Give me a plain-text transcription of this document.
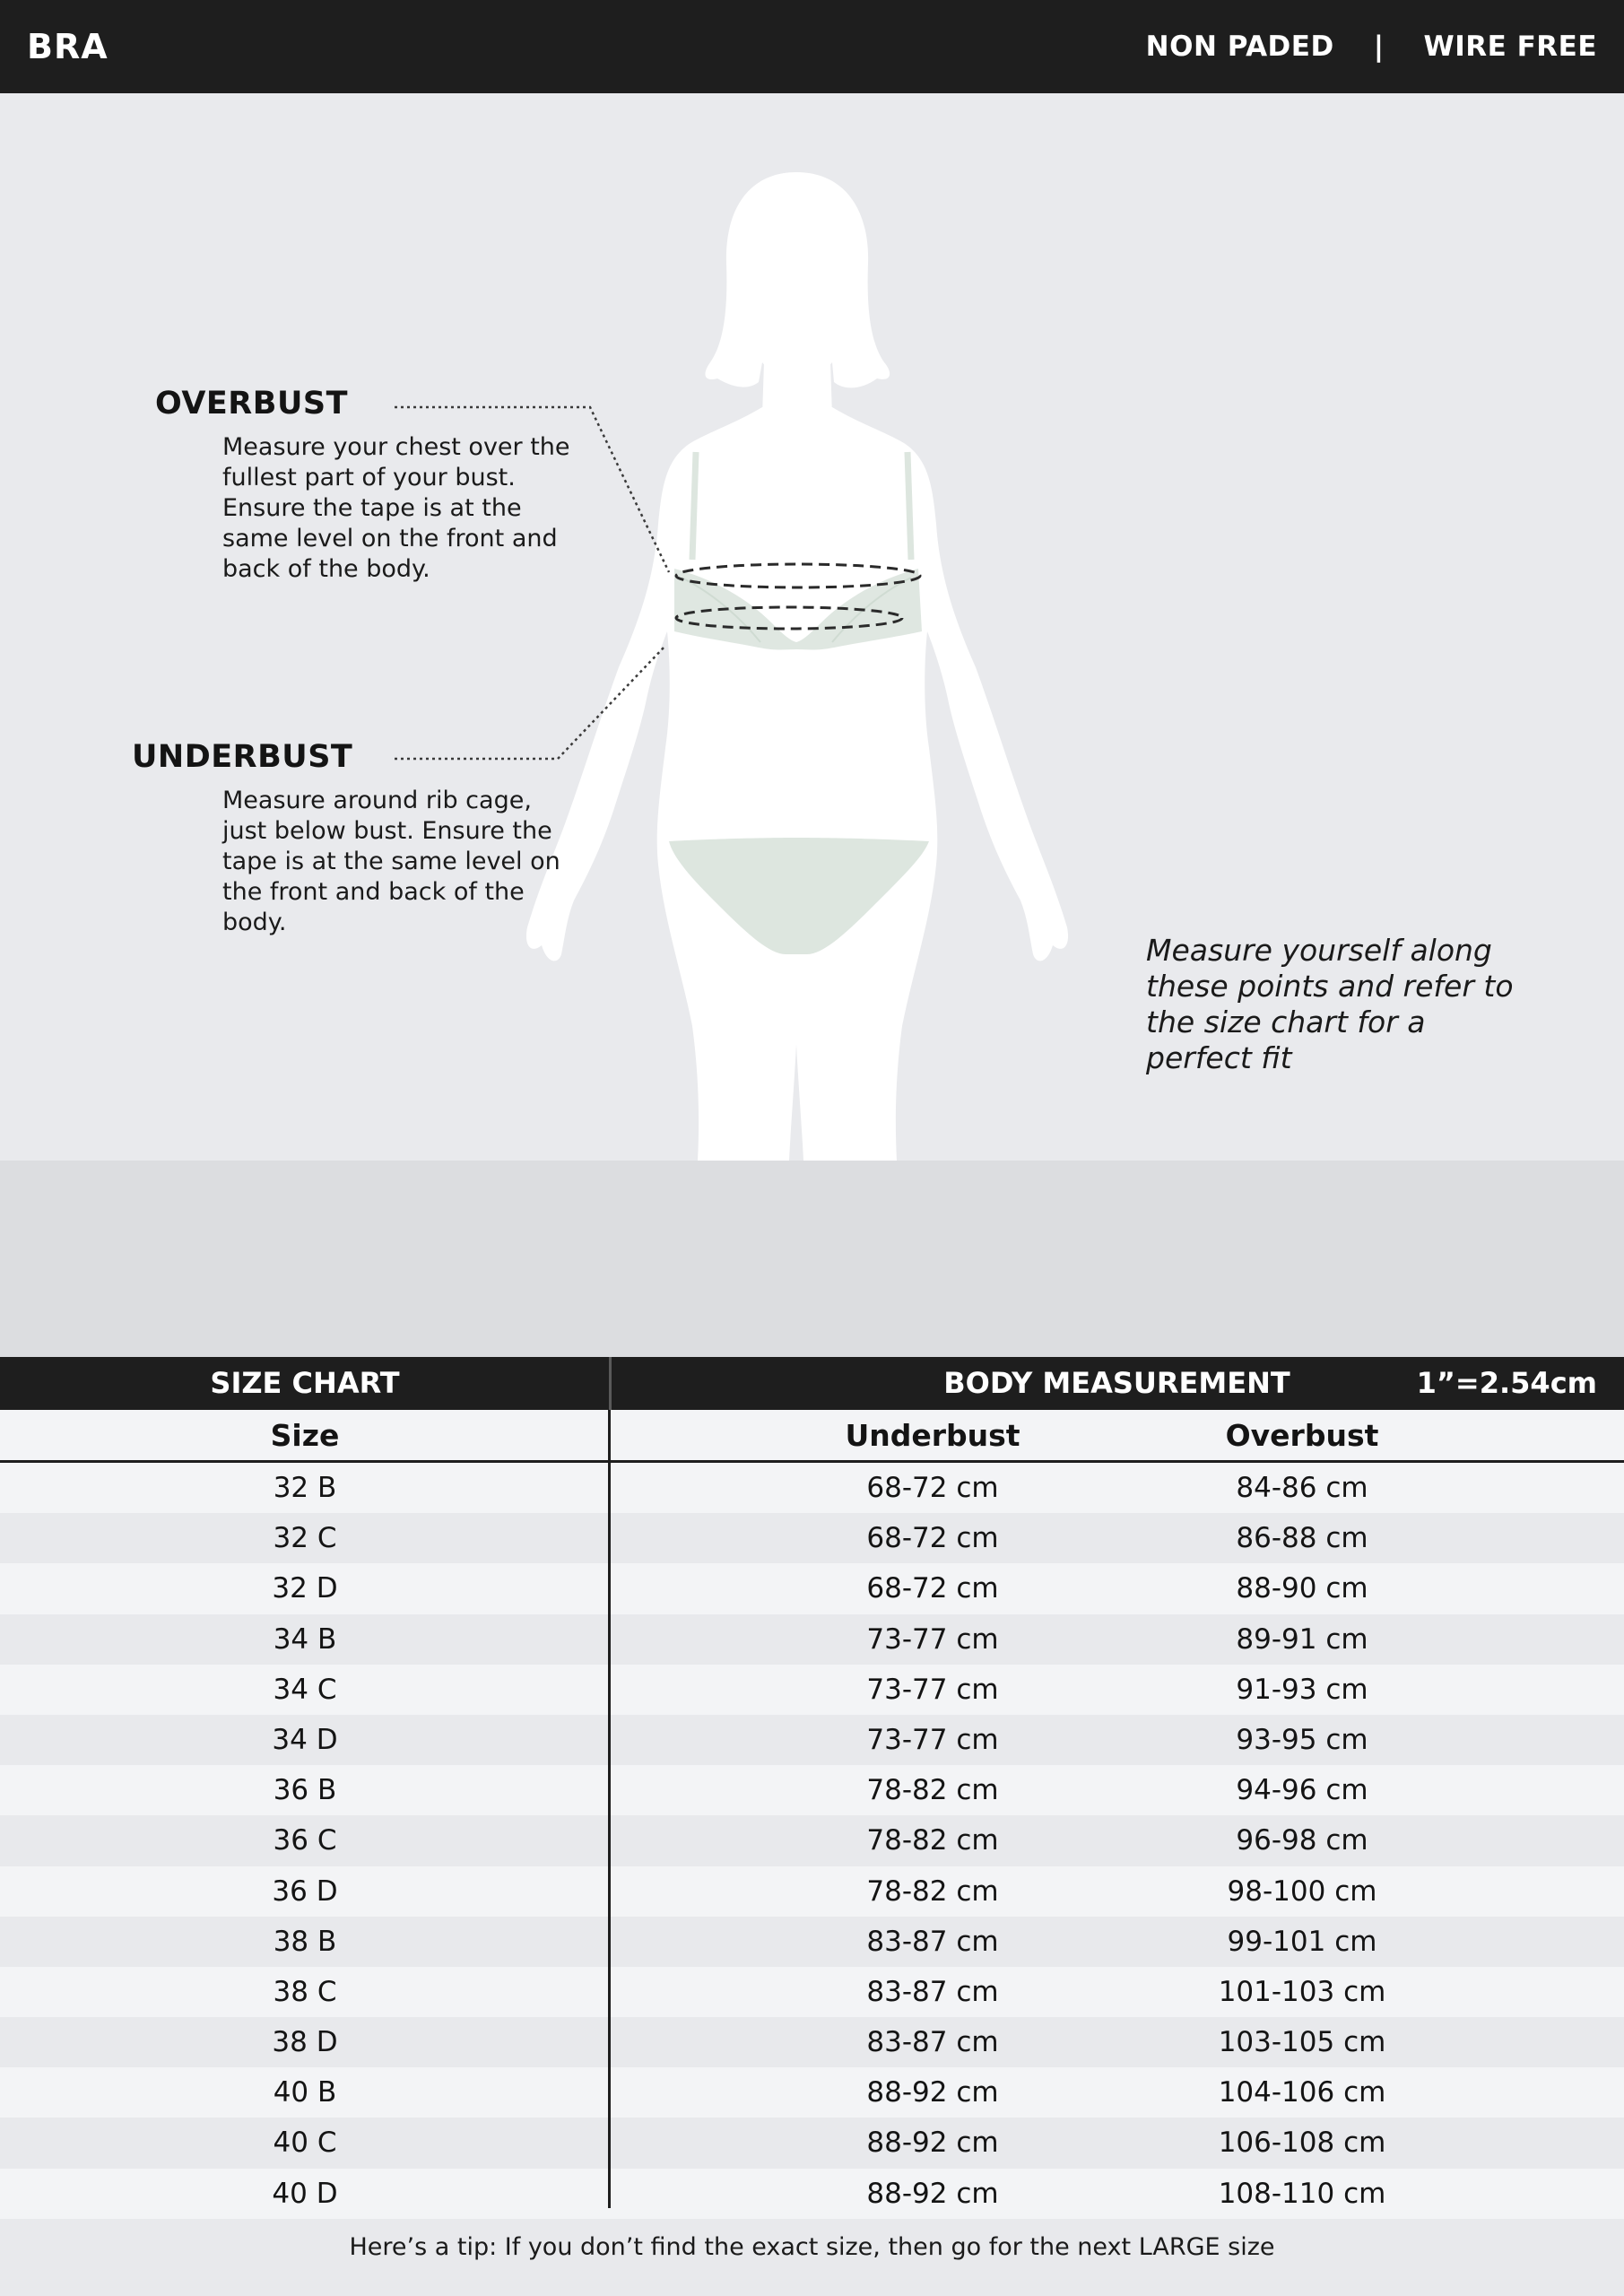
BRA	NON PADED | WIRE FREE
OVERBUST
Measure your chest over the
fullest part of your bust.
Ensure the tape is at the
same level on the front and
back of the body.
UNDERBUST
Measure around rib cage,
just below bust. Ensure the
tape is at the same level on
the front and back of the
body.
Measure yourself along
these points and refer to
the size chart for a
perfect fit
SIZE CHART	BODY MEASUREMENT	1”=2.54cm
Size	Underbust	Overbust
32 B	68-72 cm	84-86 cm
32 C	68-72 cm	86-88 cm
32 D	68-72 cm	88-90 cm
34 B	73-77 cm	89-91 cm
34 C	73-77 cm	91-93 cm
34 D	73-77 cm	93-95 cm
36 B	78-82 cm	94-96 cm
36 C	78-82 cm	96-98 cm
36 D	78-82 cm	98-100 cm
38 B	83-87 cm	99-101 cm
38 C	83-87 cm	101-103 cm
38 D	83-87 cm	103-105 cm
40 B	88-92 cm	104-106 cm
40 C	88-92 cm	106-108 cm
40 D	88-92 cm	108-110 cm
Here’s a tip: If you don’t find the exact size, then go for the next LARGE size
